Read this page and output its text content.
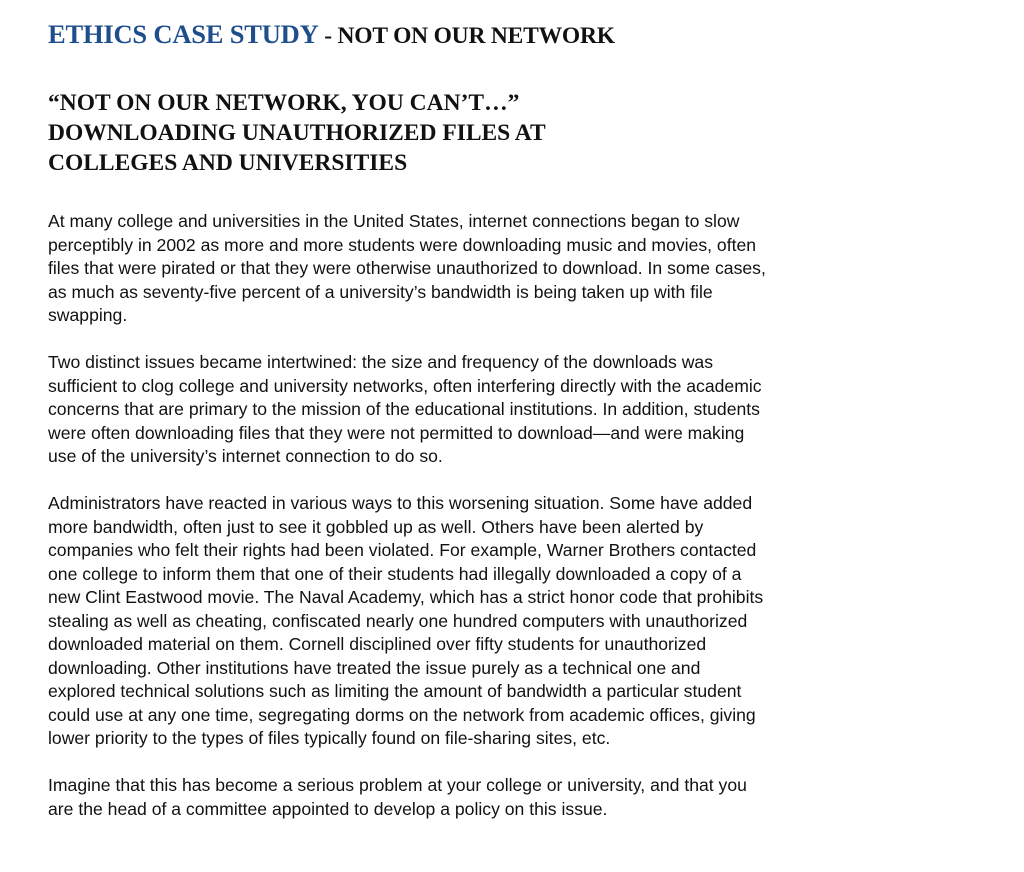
ETHICS CASE STUDY - NOT ON OUR NETWORK
“NOT ON OUR NETWORK, YOU CAN’T…”
DOWNLOADING UNAUTHORIZED FILES AT
COLLEGES AND UNIVERSITIES

At many college and universities in the United States, internet connections began to slow
perceptibly in 2002 as more and more students were downloading music and movies, often
files that were pirated or that they were otherwise unauthorized to download. In some cases,
as much as seventy-five percent of a university’s bandwidth is being taken up with file
swapping.

Two distinct issues became intertwined: the size and frequency of the downloads was
sufficient to clog college and university networks, often interfering directly with the academic
concerns that are primary to the mission of the educational institutions. In addition, students
were often downloading files that they were not permitted to download—and were making
use of the university’s internet connection to do so.

Administrators have reacted in various ways to this worsening situation. Some have added
more bandwidth, often just to see it gobbled up as well. Others have been alerted by
companies who felt their rights had been violated. For example, Warner Brothers contacted
one college to inform them that one of their students had illegally downloaded a copy of a
new Clint Eastwood movie. The Naval Academy, which has a strict honor code that prohibits
stealing as well as cheating, confiscated nearly one hundred computers with unauthorized
downloaded material on them. Cornell disciplined over fifty students for unauthorized
downloading. Other institutions have treated the issue purely as a technical one and
explored technical solutions such as limiting the amount of bandwidth a particular student
could use at any one time, segregating dorms on the network from academic offices, giving
lower priority to the types of files typically found on file-sharing sites, etc.

Imagine that this has become a serious problem at your college or university, and that you
are the head of a committee appointed to develop a policy on this issue.
